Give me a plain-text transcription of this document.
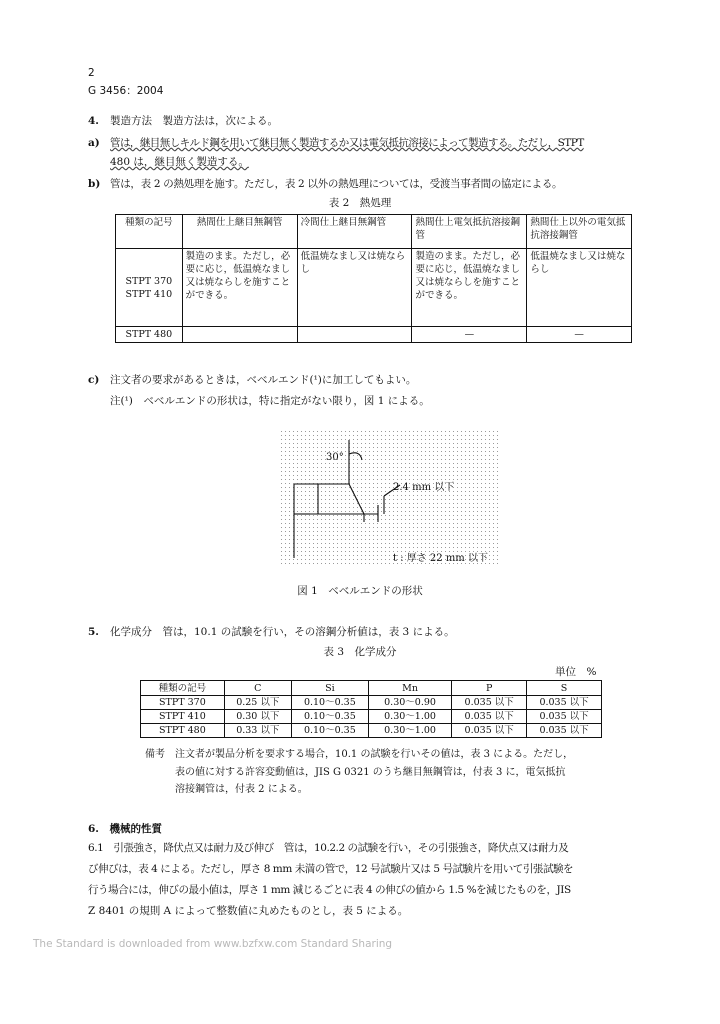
2
G 3456：2004
4. 製造方法　製造方法は，次による。
a) 管は，継目無しキルド鋼を用いて継目無く製造するか又は電気抵抗溶接によって製造する。ただし，STPT
480 は，継目無く製造する。
b) 管は，表 2 の熱処理を施す。ただし，表 2 以外の熱処理については，受渡当事者間の協定による。
表 2　熱処理
種類の記号	熱間仕上継目無鋼管	冷間仕上継目無鋼管	熱間仕上電気抵抗溶接鋼管	熱間仕上以外の電気抵抗溶接鋼管
STPT 370
STPT 410	製造のまま。ただし，必要に応じ，低温焼なまし又は焼ならしを施すことができる。	低温焼なまし又は焼ならし	製造のまま。ただし，必要に応じ，低温焼なまし又は焼ならしを施すことができる。	低温焼なまし又は焼ならし
STPT 480			—	—
c) 注文者の要求があるときは，ベベルエンド(¹)に加工してもよい。
注(¹)　ベベルエンドの形状は，特に指定がない限り，図 1 による。
30°
2.4 mm 以下
t : 厚さ 22 mm 以下
図 1　ベベルエンドの形状
5. 化学成分　管は，10.1 の試験を行い，その溶鋼分析値は，表 3 による。
表 3　化学成分
単位　%
種類の記号	C	Si	Mn	P	S
STPT 370	0.25 以下	0.10～0.35	0.30～0.90	0.035 以下	0.035 以下
STPT 410	0.30 以下	0.10～0.35	0.30～1.00	0.035 以下	0.035 以下
STPT 480	0.33 以下	0.10～0.35	0.30～1.00	0.035 以下	0.035 以下
備考　注文者が製品分析を要求する場合，10.1 の試験を行いその値は，表 3 による。ただし，
表の値に対する許容変動値は，JIS G 0321 のうち継目無鋼管は，付表 3 に，電気抵抗
溶接鋼管は，付表 2 による。
6.　機械的性質
6.1　引張強さ，降伏点又は耐力及び伸び　管は，10.2.2 の試験を行い，その引張強さ，降伏点又は耐力及
び伸びは，表 4 による。ただし，厚さ 8 mm 未満の管で，12 号試験片又は 5 号試験片を用いて引張試験を
行う場合には，伸びの最小値は，厚さ 1 mm 減じるごとに表 4 の伸びの値から 1.5 %を減じたものを，JIS
Z 8401 の規則 A によって整数値に丸めたものとし，表 5 による。
The Standard is downloaded from www.bzfxw.com Standard Sharing
